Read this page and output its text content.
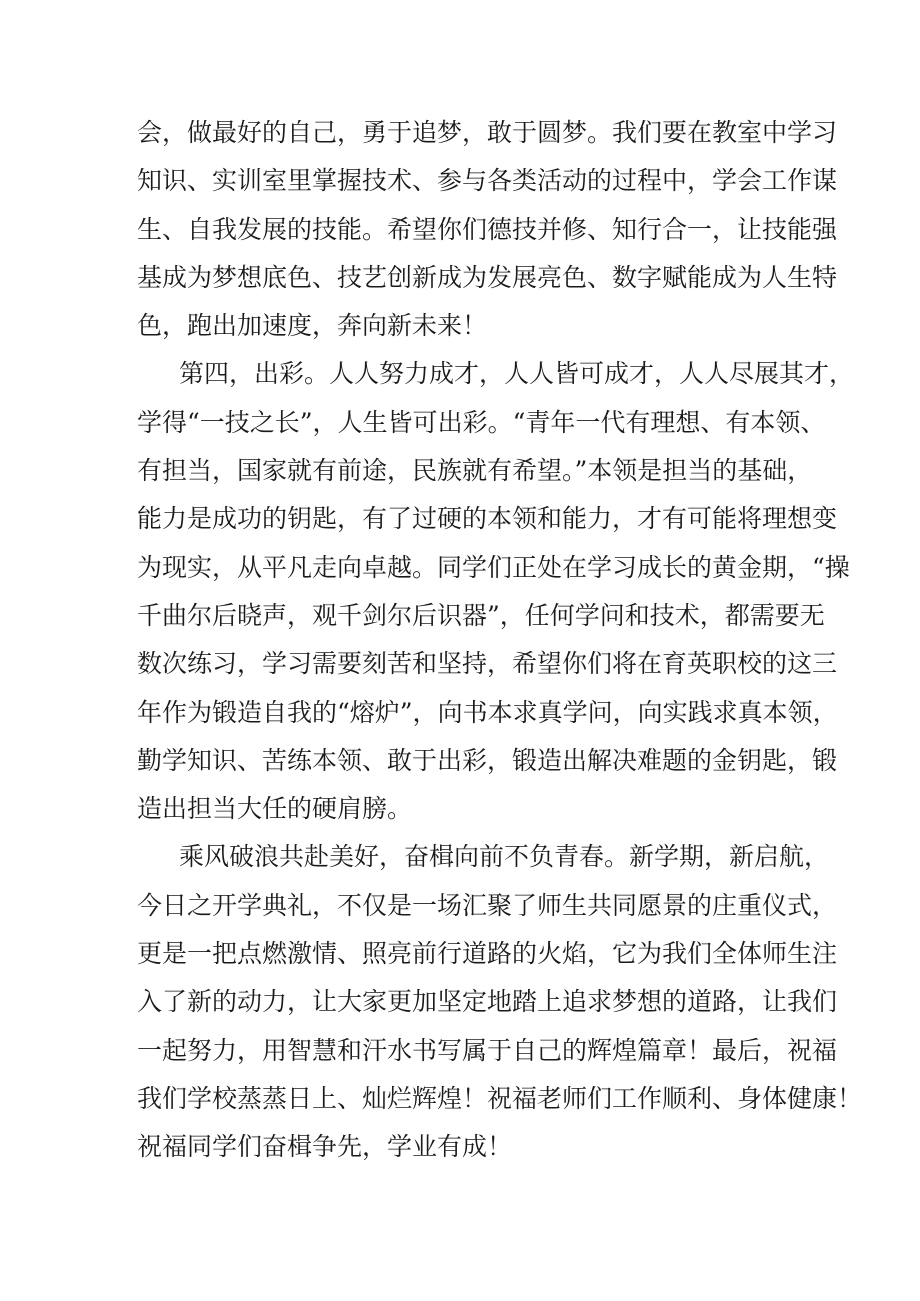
会，做最好的自己，勇于追梦，敢于圆梦。我们要在教室中学习
知识、实训室里掌握技术、参与各类活动的过程中，学会工作谋
生、自我发展的技能。希望你们德技并修、知行合一，让技能强
基成为梦想底色、技艺创新成为发展亮色、数字赋能成为人生特
色，跑出加速度，奔向新未来！
第四，出彩。人人努力成才，人人皆可成才，人人尽展其才，
学得“一技之长”，人生皆可出彩。“青年一代有理想、有本领、
有担当，国家就有前途，民族就有希望。”本领是担当的基础，
能力是成功的钥匙，有了过硬的本领和能力，才有可能将理想变
为现实，从平凡走向卓越。同学们正处在学习成长的黄金期，“操
千曲尔后晓声，观千剑尔后识器”，任何学问和技术，都需要无
数次练习，学习需要刻苦和坚持，希望你们将在育英职校的这三
年作为锻造自我的“熔炉”，向书本求真学问，向实践求真本领，
勤学知识、苦练本领、敢于出彩，锻造出解决难题的金钥匙，锻
造出担当大任的硬肩膀。
乘风破浪共赴美好，奋楫向前不负青春。新学期，新启航，
今日之开学典礼，不仅是一场汇聚了师生共同愿景的庄重仪式，
更是一把点燃激情、照亮前行道路的火焰，它为我们全体师生注
入了新的动力，让大家更加坚定地踏上追求梦想的道路，让我们
一起努力，用智慧和汗水书写属于自己的辉煌篇章！最后，祝福
我们学校蒸蒸日上、灿烂辉煌！祝福老师们工作顺利、身体健康！
祝福同学们奋楫争先，学业有成！
